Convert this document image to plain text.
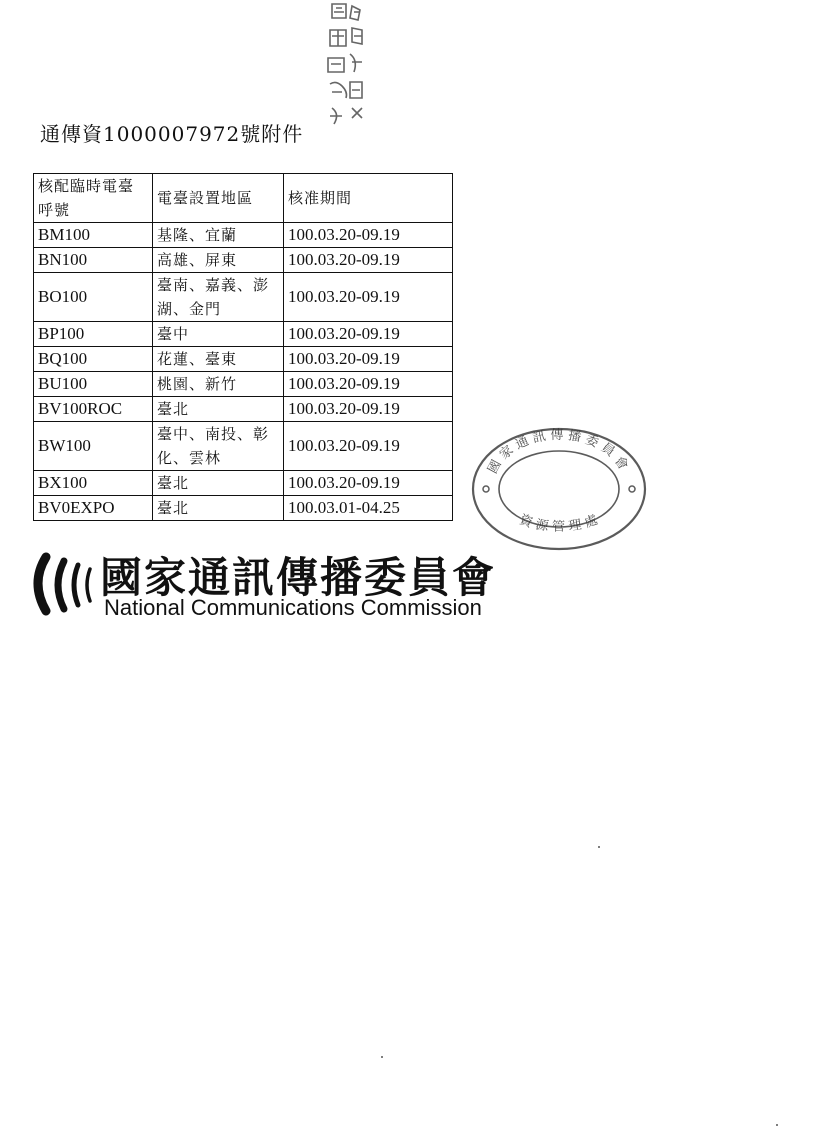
通傳資1000007972號附件
核配臨時電臺呼號	電臺設置地區	核准期間
BM100	基隆、宜蘭	100.03.20-09.19
BN100	高雄、屏東	100.03.20-09.19
BO100	臺南、嘉義、澎湖、金門	100.03.20-09.19
BP100	臺中	100.03.20-09.19
BQ100	花蓮、臺東	100.03.20-09.19
BU100	桃園、新竹	100.03.20-09.19
BV100ROC	臺北	100.03.20-09.19
BW100	臺中、南投、彰化、雲林	100.03.20-09.19
BX100	臺北	100.03.20-09.19
BV0EXPO	臺北	100.03.01-04.25
國 家 通 訊 傳 播 委 員 會
資 源 管 理 處
國家通訊傳播委員會
National Communications Commission
